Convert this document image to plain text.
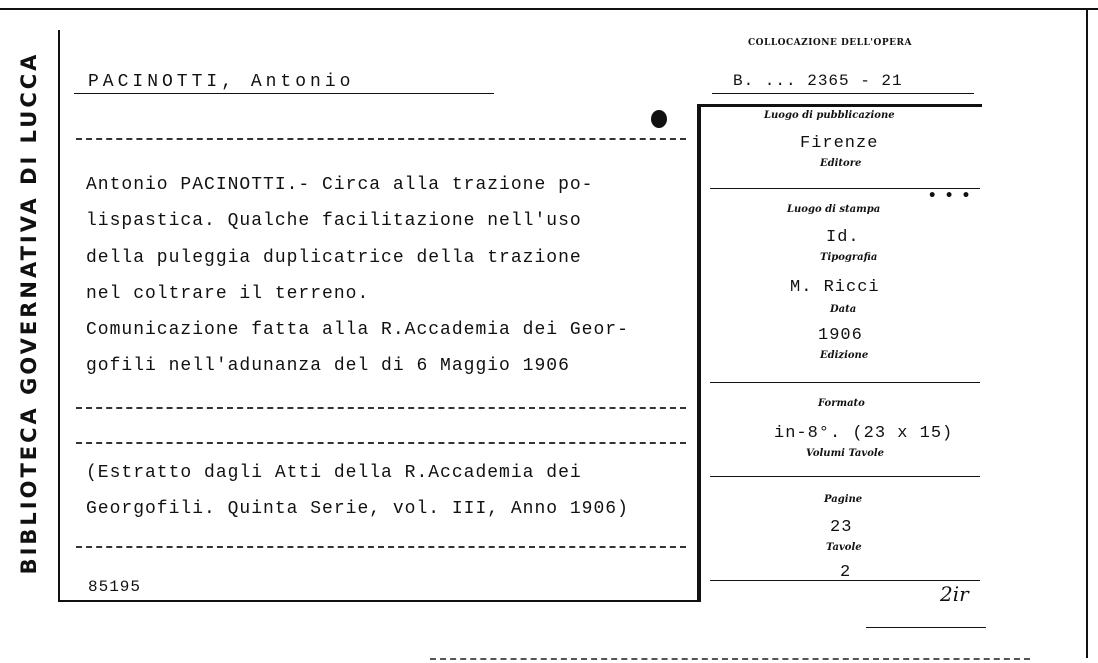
BIBLIOTECA GOVERNATIVA DI LUCCA	PACINOTTI, Antonio
COLLOCAZIONE DELL'OPERA
B. ... 2365 - 21
Antonio PACINOTTI.- Circa alla trazione po-
lispastica. Qualche facilitazione nell'uso
della puleggia duplicatrice della trazione
nel coltrare il terreno.
Comunicazione fatta alla R.Accademia dei Geor-
gofili nell'adunanza del di 6 Maggio 1906
(Estratto dagli Atti della R.Accademia dei
Georgofili. Quinta Serie, vol. III, Anno 1906)
85195
Luogo di pubblicazione
Firenze
Editore
Luogo di stampa
Id.
Tipografia
M. Ricci
Data
1906
Edizione
Formato
in-8°. (23 x 15)
Volumi Tavole
Pagine
23
Tavole
2
• • •
2ir
